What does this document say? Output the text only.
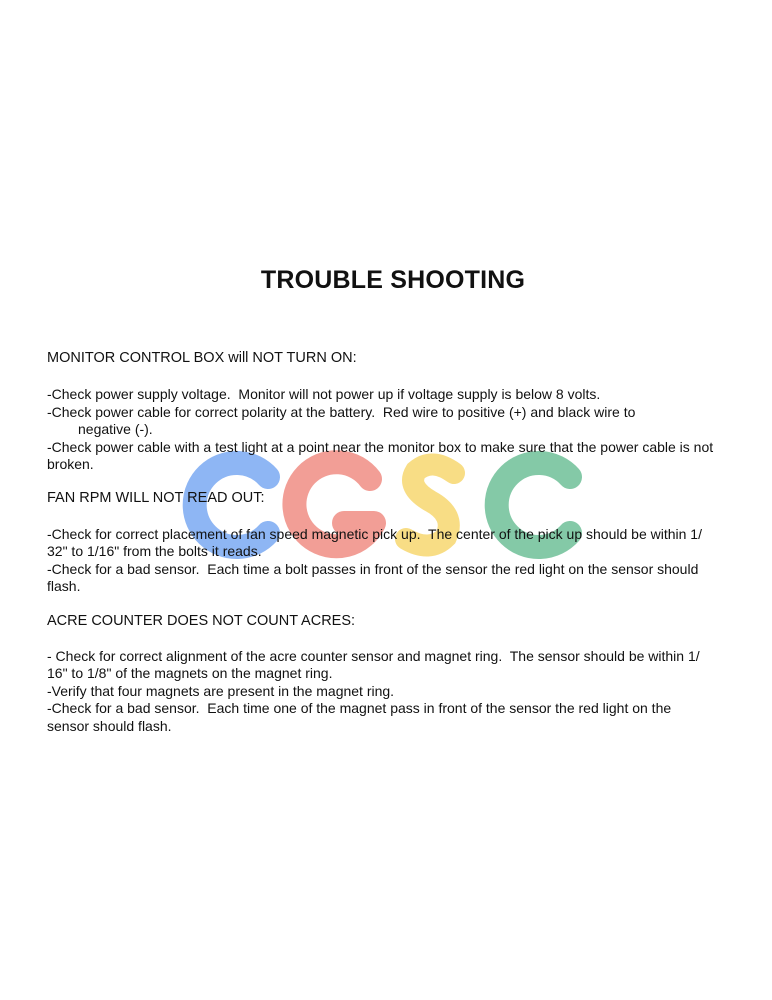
TROUBLE SHOOTING

MONITOR CONTROL BOX will NOT TURN ON:

-Check power supply voltage.  Monitor will not power up if voltage supply is below 8 volts.

-Check power cable for correct polarity at the battery.  Red wire to positive (+) and black wire to

negative (-).

-Check power cable with a test light at a point near the monitor box to make sure that the power cable is not

broken.

FAN RPM WILL NOT READ OUT:

-Check for correct placement of fan speed magnetic pick up.  The center of the pick up should be within 1/

32" to 1/16" from the bolts it reads.

-Check for a bad sensor.  Each time a bolt passes in front of the sensor the red light on the sensor should

flash.

ACRE COUNTER DOES NOT COUNT ACRES:

- Check for correct alignment of the acre counter sensor and magnet ring.  The sensor should be within 1/

16" to 1/8" of the magnets on the magnet ring.

-Verify that four magnets are present in the magnet ring.

-Check for a bad sensor.  Each time one of the magnet pass in front of the sensor the red light on the

sensor should flash.
